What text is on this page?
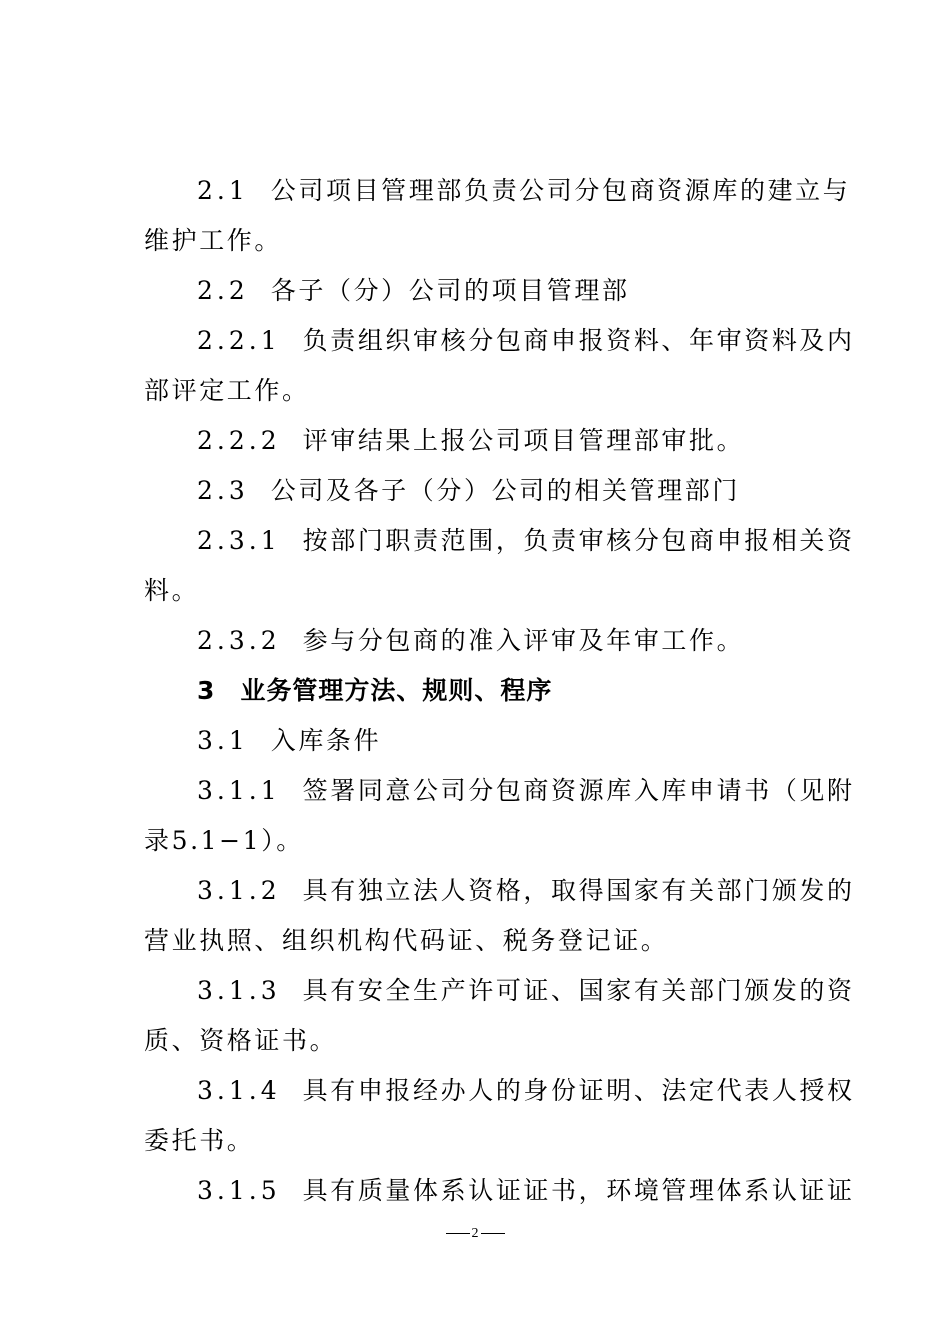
2.1 公司项目管理部负责公司分包商资源库的建立与
维护工作。
2.2 各子（分）公司的项目管理部
2.2.1 负责组织审核分包商申报资料、年审资料及内
部评定工作。
2.2.2 评审结果上报公司项目管理部审批。
2.3 公司及各子（分）公司的相关管理部门
2.3.1 按部门职责范围，负责审核分包商申报相关资
料。
2.3.2 参与分包商的准入评审及年审工作。
3 业务管理方法、规则、程序
3.1 入库条件
3.1.1 签署同意公司分包商资源库入库申请书（见附
录5.1−1）。
3.1.2 具有独立法人资格，取得国家有关部门颁发的
营业执照、组织机构代码证、税务登记证。
3.1.3 具有安全生产许可证、国家有关部门颁发的资
质、资格证书。
3.1.4 具有申报经办人的身份证明、法定代表人授权
委托书。
3.1.5 具有质量体系认证证书，环境管理体系认证证
2
